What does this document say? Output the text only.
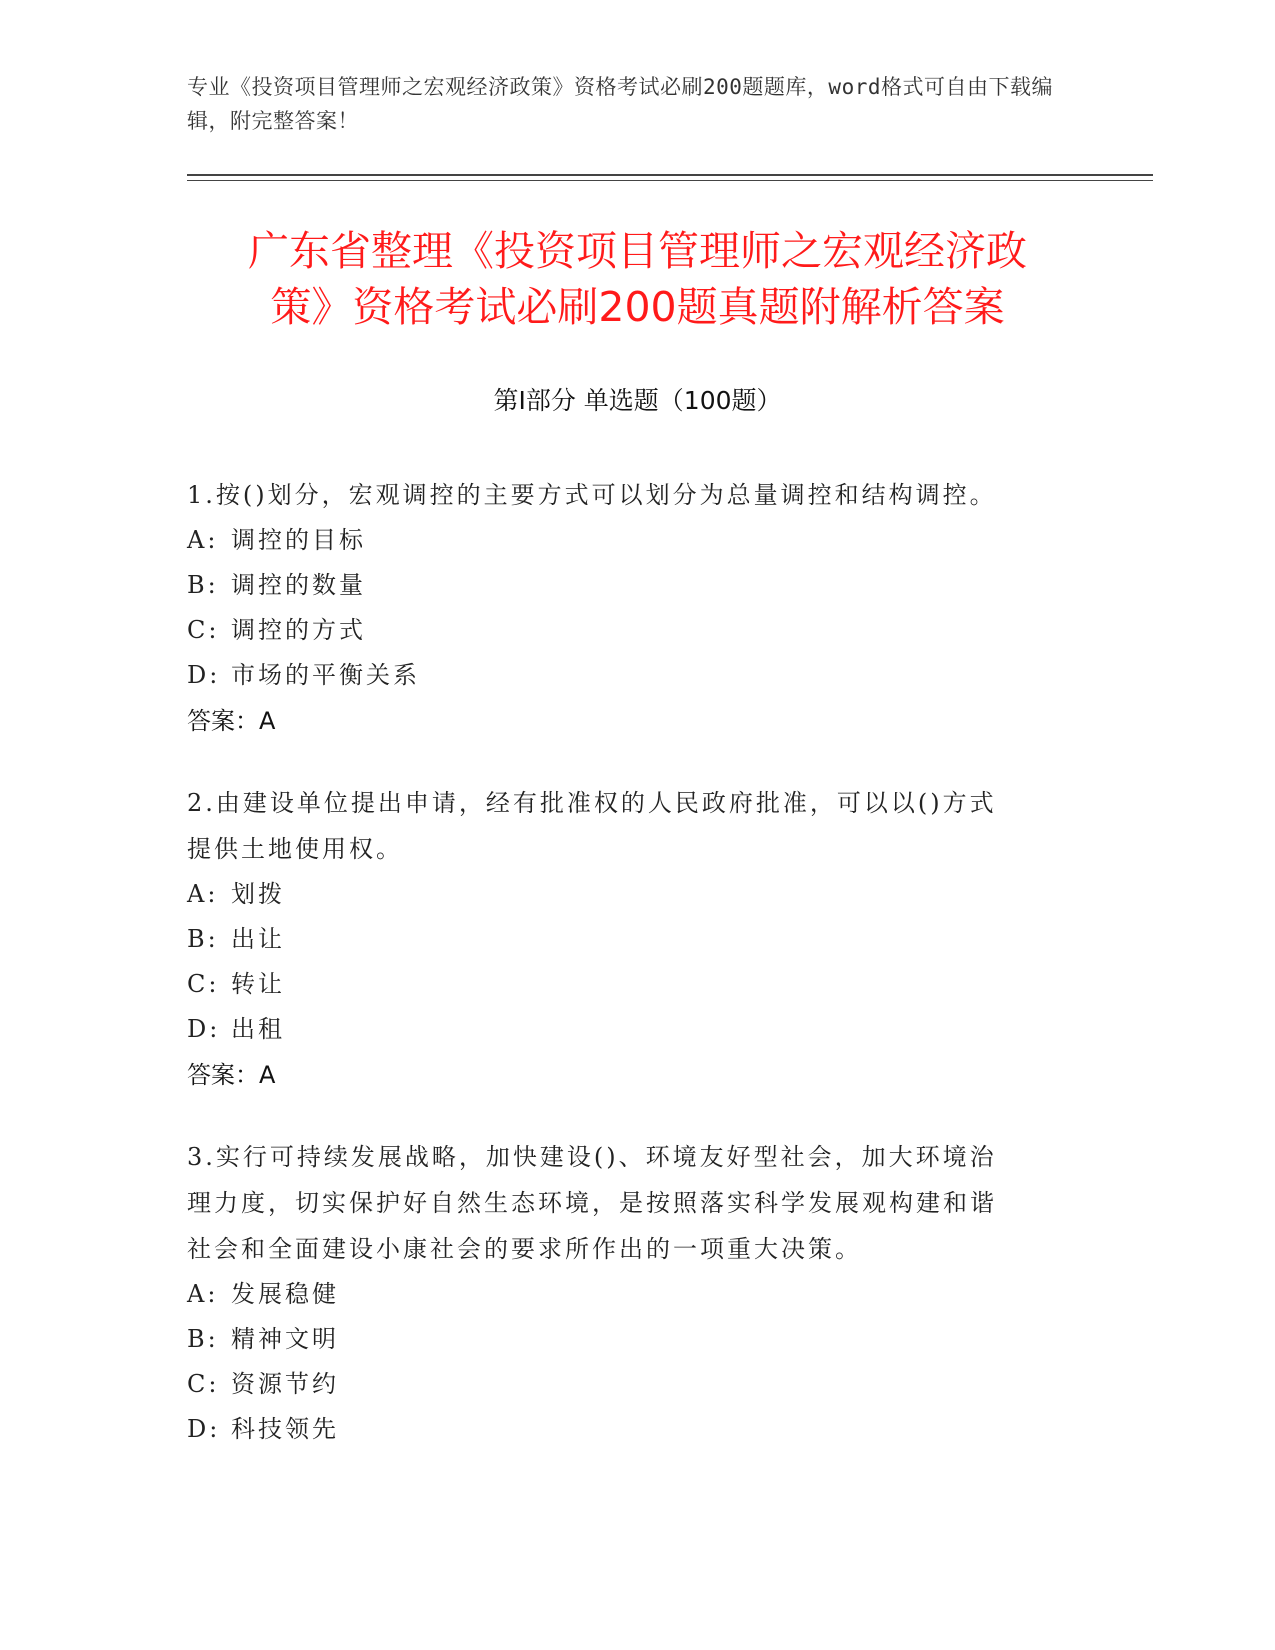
专业《投资项目管理师之宏观经济政策》资格考试必刷200题题库，word格式可自由下载编辑，附完整答案！
广东省整理《投资项目管理师之宏观经济政
策》资格考试必刷200题真题附解析答案
第Ⅰ部分 单选题（100题）

1.按()划分，宏观调控的主要方式可以划分为总量调控和结构调控。

A: 调控的目标

B: 调控的数量

C: 调控的方式

D: 市场的平衡关系

答案：A

2.由建设单位提出申请，经有批准权的人民政府批准，可以以()方式

提供土地使用权。

A: 划拨

B: 出让

C: 转让

D: 出租

答案：A

3.实行可持续发展战略，加快建设()、环境友好型社会，加大环境治

理力度，切实保护好自然生态环境，是按照落实科学发展观构建和谐

社会和全面建设小康社会的要求所作出的一项重大决策。

A: 发展稳健

B: 精神文明

C: 资源节约

D: 科技领先
